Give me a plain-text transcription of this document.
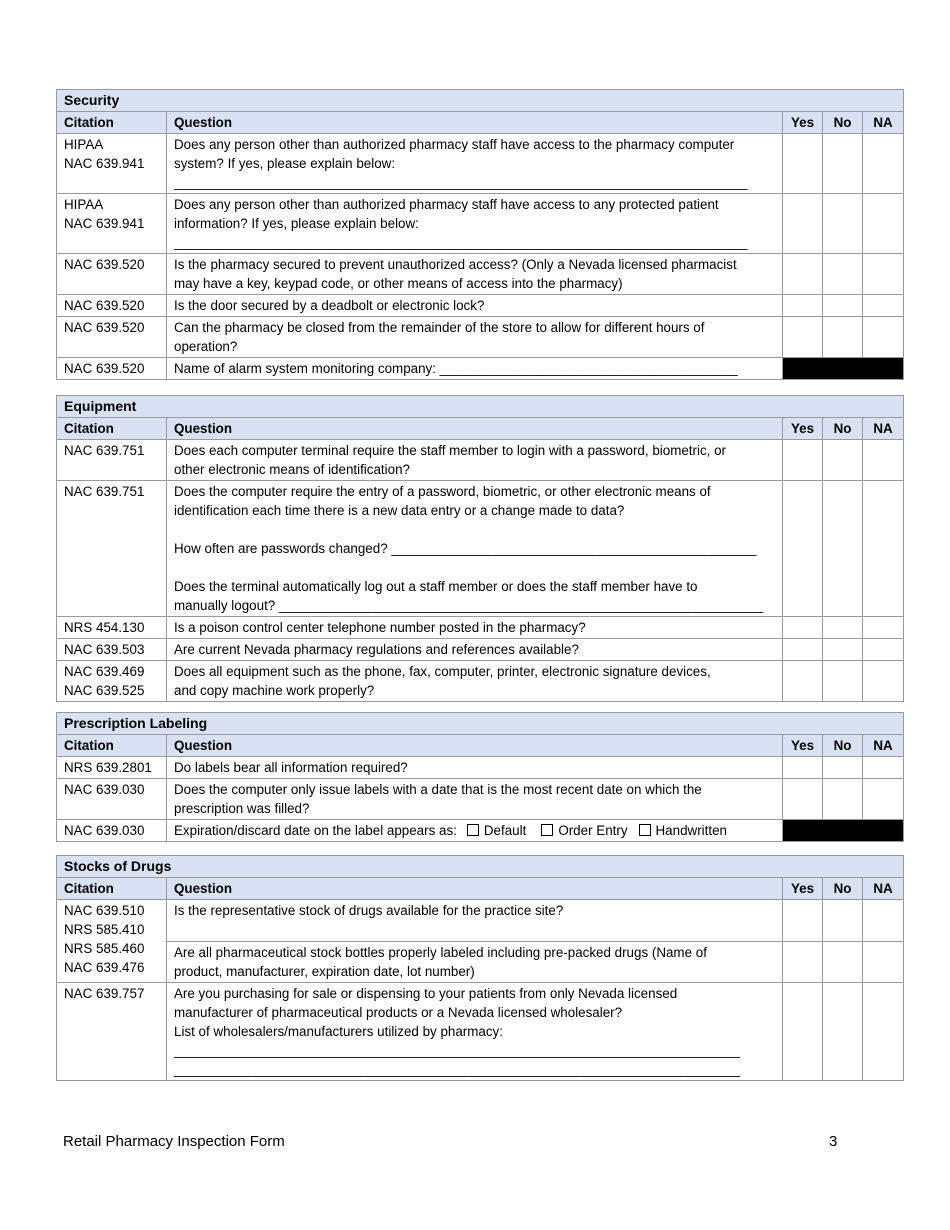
Security				
Citation	Question	Yes	No	NA

HIPAA
NAC 639.941	Does any person other than authorized pharmacy staff have access to the pharmacy computer
system? If yes, please explain below:
_____________________________________________________________________________			

HIPAA
NAC 639.941	Does any person other than authorized pharmacy staff have access to any protected patient
information? If yes, please explain below:
_____________________________________________________________________________			

NAC 639.520	Is the pharmacy secured to prevent unauthorized access? (Only a Nevada licensed pharmacist
may have a key, keypad code, or other means of access into the pharmacy)			

NAC 639.520	Is the door secured by a deadbolt or electronic lock?			
NAC 639.520	Can the pharmacy be closed from the remainder of the store to allow for different hours of
operation?			

NAC 639.520	Name of alarm system monitoring company: ________________________________________			
Equipment				
Citation	Question	Yes	No	NA
NAC 639.751	Does each computer terminal require the staff member to login with a password, biometric, or
other electronic means of identification?			

NAC 639.751	Does the computer require the entry of a password, biometric, or other electronic means of
identification each time there is a new data entry or a change made to data?
How often are passwords changed? _________________________________________________
Does the terminal automatically log out a staff member or does the staff member have to
manually logout? _________________________________________________________________			

NRS 454.130	Is a poison control center telephone number posted in the pharmacy?			
NAC 639.503	Are current Nevada pharmacy regulations and references available?			

NAC 639.469
NAC 639.525	Does all equipment such as the phone, fax, computer, printer, electronic signature devices,
and copy machine work properly?			

Prescription Labeling				
Citation	Question	Yes	No	NA
NRS 639.2801	Do labels bear all information required?			
NAC 639.030	Does the computer only issue labels with a date that is the most recent date on which the
prescription was filled?			

NAC 639.030	Expiration/discard date on the label appears as: Default Order Entry Handwritten			

Stocks of Drugs				
Citation	Question	Yes	No	NA

NAC 639.510
NRS 585.410
NRS 585.460
NAC 639.476	Is the representative stock of drugs available for the practice site?			

	Are all pharmaceutical stock bottles properly labeled including pre-packed drugs (Name of
product, manufacturer, expiration date, lot number)			

NAC 639.757	Are you purchasing for sale or dispensing to your patients from only Nevada licensed
manufacturer of pharmaceutical products or a Nevada licensed wholesaler?
List of wholesalers/manufacturers utilized by pharmacy:
____________________________________________________________________________
____________________________________________________________________________			

Retail Pharmacy Inspection Form	3
